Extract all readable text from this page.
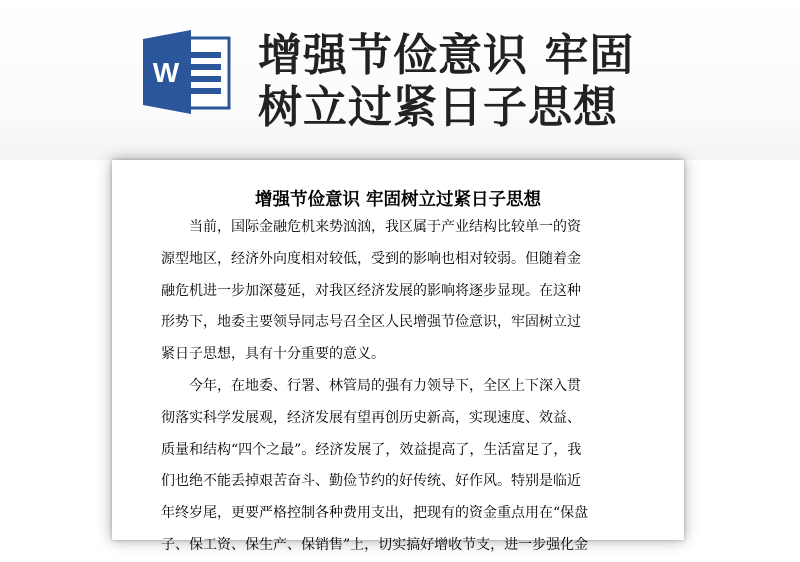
W 增强节俭意识 牢固
树立过紧日子思想
增强节俭意识 牢固树立过紧日子思想
　　当前，国际金融危机来势汹汹，我区属于产业结构比较单一的资
源型地区，经济外向度相对较低，受到的影响也相对较弱。但随着金
融危机进一步加深蔓延，对我区经济发展的影响将逐步显现。在这种
形势下，地委主要领导同志号召全区人民增强节俭意识，牢固树立过
紧日子思想，具有十分重要的意义。
　　今年，在地委、行署、林管局的强有力领导下，全区上下深入贯
彻落实科学发展观，经济发展有望再创历史新高，实现速度、效益、
质量和结构“四个之最”。经济发展了，效益提高了，生活富足了，我
们也绝不能丢掉艰苦奋斗、勤俭节约的好传统、好作风。特别是临近
年终岁尾，更要严格控制各种费用支出，把现有的资金重点用在“保盘
子、保工资、保生产、保销售”上，切实搞好增收节支，进一步强化金
